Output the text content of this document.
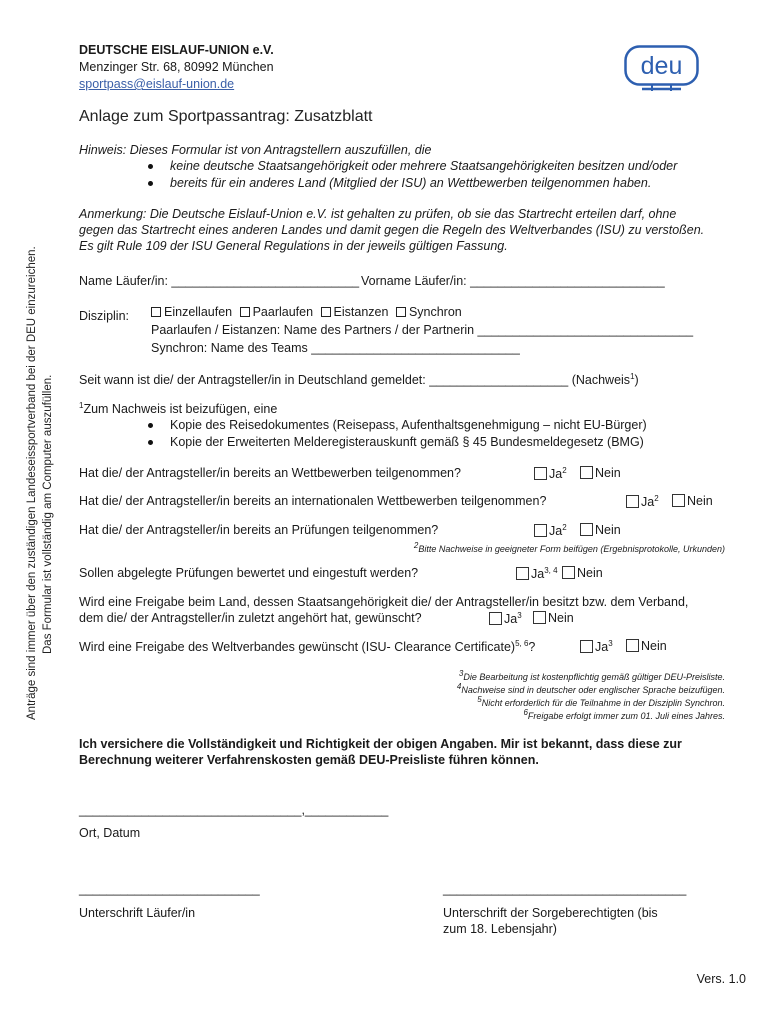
DEUTSCHE EISLAUF-UNION e.V.
Menzinger Str. 68, 80992 München
sportpass@eislauf-union.de
deu
Anträge sind immer über den zuständigen Landeseissportverband bei der DEU einzureichen. Das Formular ist vollständig am Computer auszufüllen.
Anlage zum Sportpassantrag: Zusatzblatt
Hinweis: Dieses Formular ist von Antragstellern auszufüllen, die
keine deutsche Staatsangehörigkeit oder mehrere Staatsangehörigkeiten besitzen und/oder
bereits für ein anderes Land (Mitglied der ISU) an Wettbewerben teilgenommen haben.
Anmerkung: Die Deutsche Eislauf-Union e.V. ist gehalten zu prüfen, ob sie das Startrecht erteilen darf, ohne
gegen das Startrecht eines anderen Landes und damit gegen die Regeln des Weltverbandes (ISU) zu verstoßen.
Es gilt Rule 109 der ISU General Regulations in der jeweils gültigen Fassung.
Name Läufer/in: ___________________________ Vorname Läufer/in: ____________________________
Disziplin:	Einzellaufen Paarlaufen Eistanzen Synchron
Paarlaufen / Eistanzen: Name des Partners / der Partnerin _______________________________
Synchron: Name des Teams ______________________________
Seit wann ist die/ der Antragsteller/in in Deutschland gemeldet: ____________________ (Nachweis$^1$)
$^1$Zum Nachweis ist beizufügen, eine
Kopie des Reisedokumentes (Reisepass, Aufenthaltsgenehmigung – nicht EU-Bürger)
Kopie der Erweiterten Melderegisterauskunft gemäß § 45 Bundesmeldegesetz (BMG)
Hat die/ der Antragsteller/in bereits an Wettbewerben teilgenommen?	Ja$^2$	Nein
Hat die/ der Antragsteller/in bereits an internationalen Wettbewerben teilgenommen?	Ja$^2$	Nein
Hat die/ der Antragsteller/in bereits an Prüfungen teilgenommen?	Ja$^2$	Nein
$^2$Bitte Nachweise in geeigneter Form beifügen (Ergebnisprotokolle, Urkunden)
Sollen abgelegte Prüfungen bewertet und eingestuft werden?	Ja$^{3, 4}$	Nein
Wird eine Freigabe beim Land, dessen Staatsangehörigkeit die/ der Antragsteller/in besitzt bzw. dem Verband,
dem die/ der Antragsteller/in zuletzt angehört hat, gewünscht?	Ja$^3$	Nein
Wird eine Freigabe des Weltverbandes gewünscht (ISU- Clearance Certificate)$^{5, 6}$?	Ja$^3$	Nein
$^3$Die Bearbeitung ist kostenpflichtig gemäß gültiger DEU-Preisliste.
$^4$Nachweise sind in deutscher oder englischer Sprache beizufügen.
$^5$Nicht erforderlich für die Teilnahme in der Disziplin Synchron.
$^6$Freigabe erfolgt immer zum 01. Juli eines Jahres.
Ich versichere die Vollständigkeit und Richtigkeit der obigen Angaben. Mir ist bekannt, dass diese zur
Berechnung weiterer Verfahrenskosten gemäß DEU-Preisliste führen können.
________________________________,____________
Ort, Datum
__________________________
Unterschrift Läufer/in
___________________________________
Unterschrift der Sorgeberechtigten (bis
zum 18. Lebensjahr)
Vers. 1.0
